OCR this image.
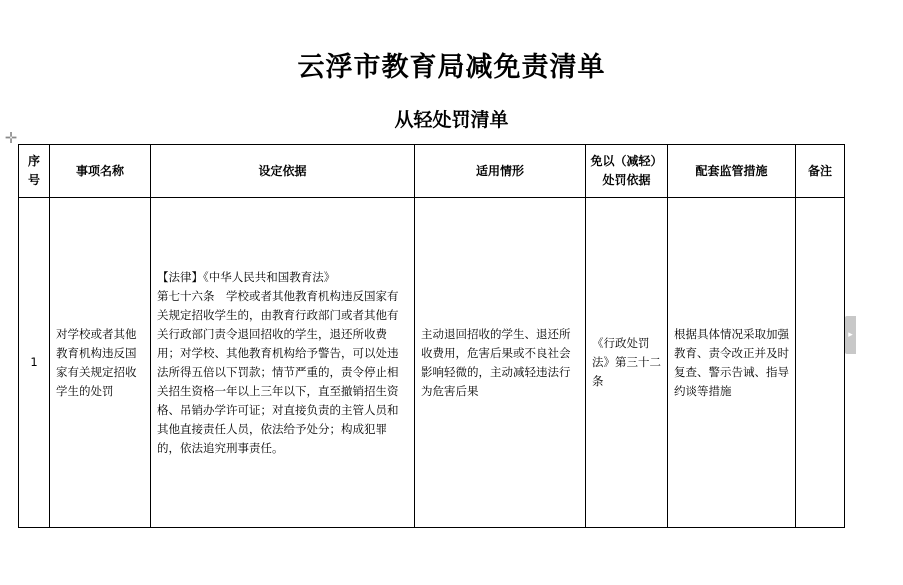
云浮市教育局减免责清单
从轻处罚清单
✛
序号	事项名称	设定依据	适用情形	免以（减轻）处罚依据	配套监管措施	备注
1	对学校或者其他教育机构违反国家有关规定招收学生的处罚	【法律】《中华人民共和国教育法》
第七十六条　学校或者其他教育机构违反国家有关规定招收学生的，由教育行政部门或者其他有关行政部门责令退回招收的学生，退还所收费用；对学校、其他教育机构给予警告，可以处违法所得五倍以下罚款；情节严重的，责令停止相关招生资格一年以上三年以下，直至撤销招生资格、吊销办学许可证；对直接负责的主管人员和其他直接责任人员，依法给予处分；构成犯罪的，依法追究刑事责任。	主动退回招收的学生、退还所收费用，危害后果或不良社会影响轻微的，主动减轻违法行为危害后果	《行政处罚法》第三十二条	根据具体情况采取加强教育、责令改正并及时复查、警示告诫、指导约谈等措施	
▸
